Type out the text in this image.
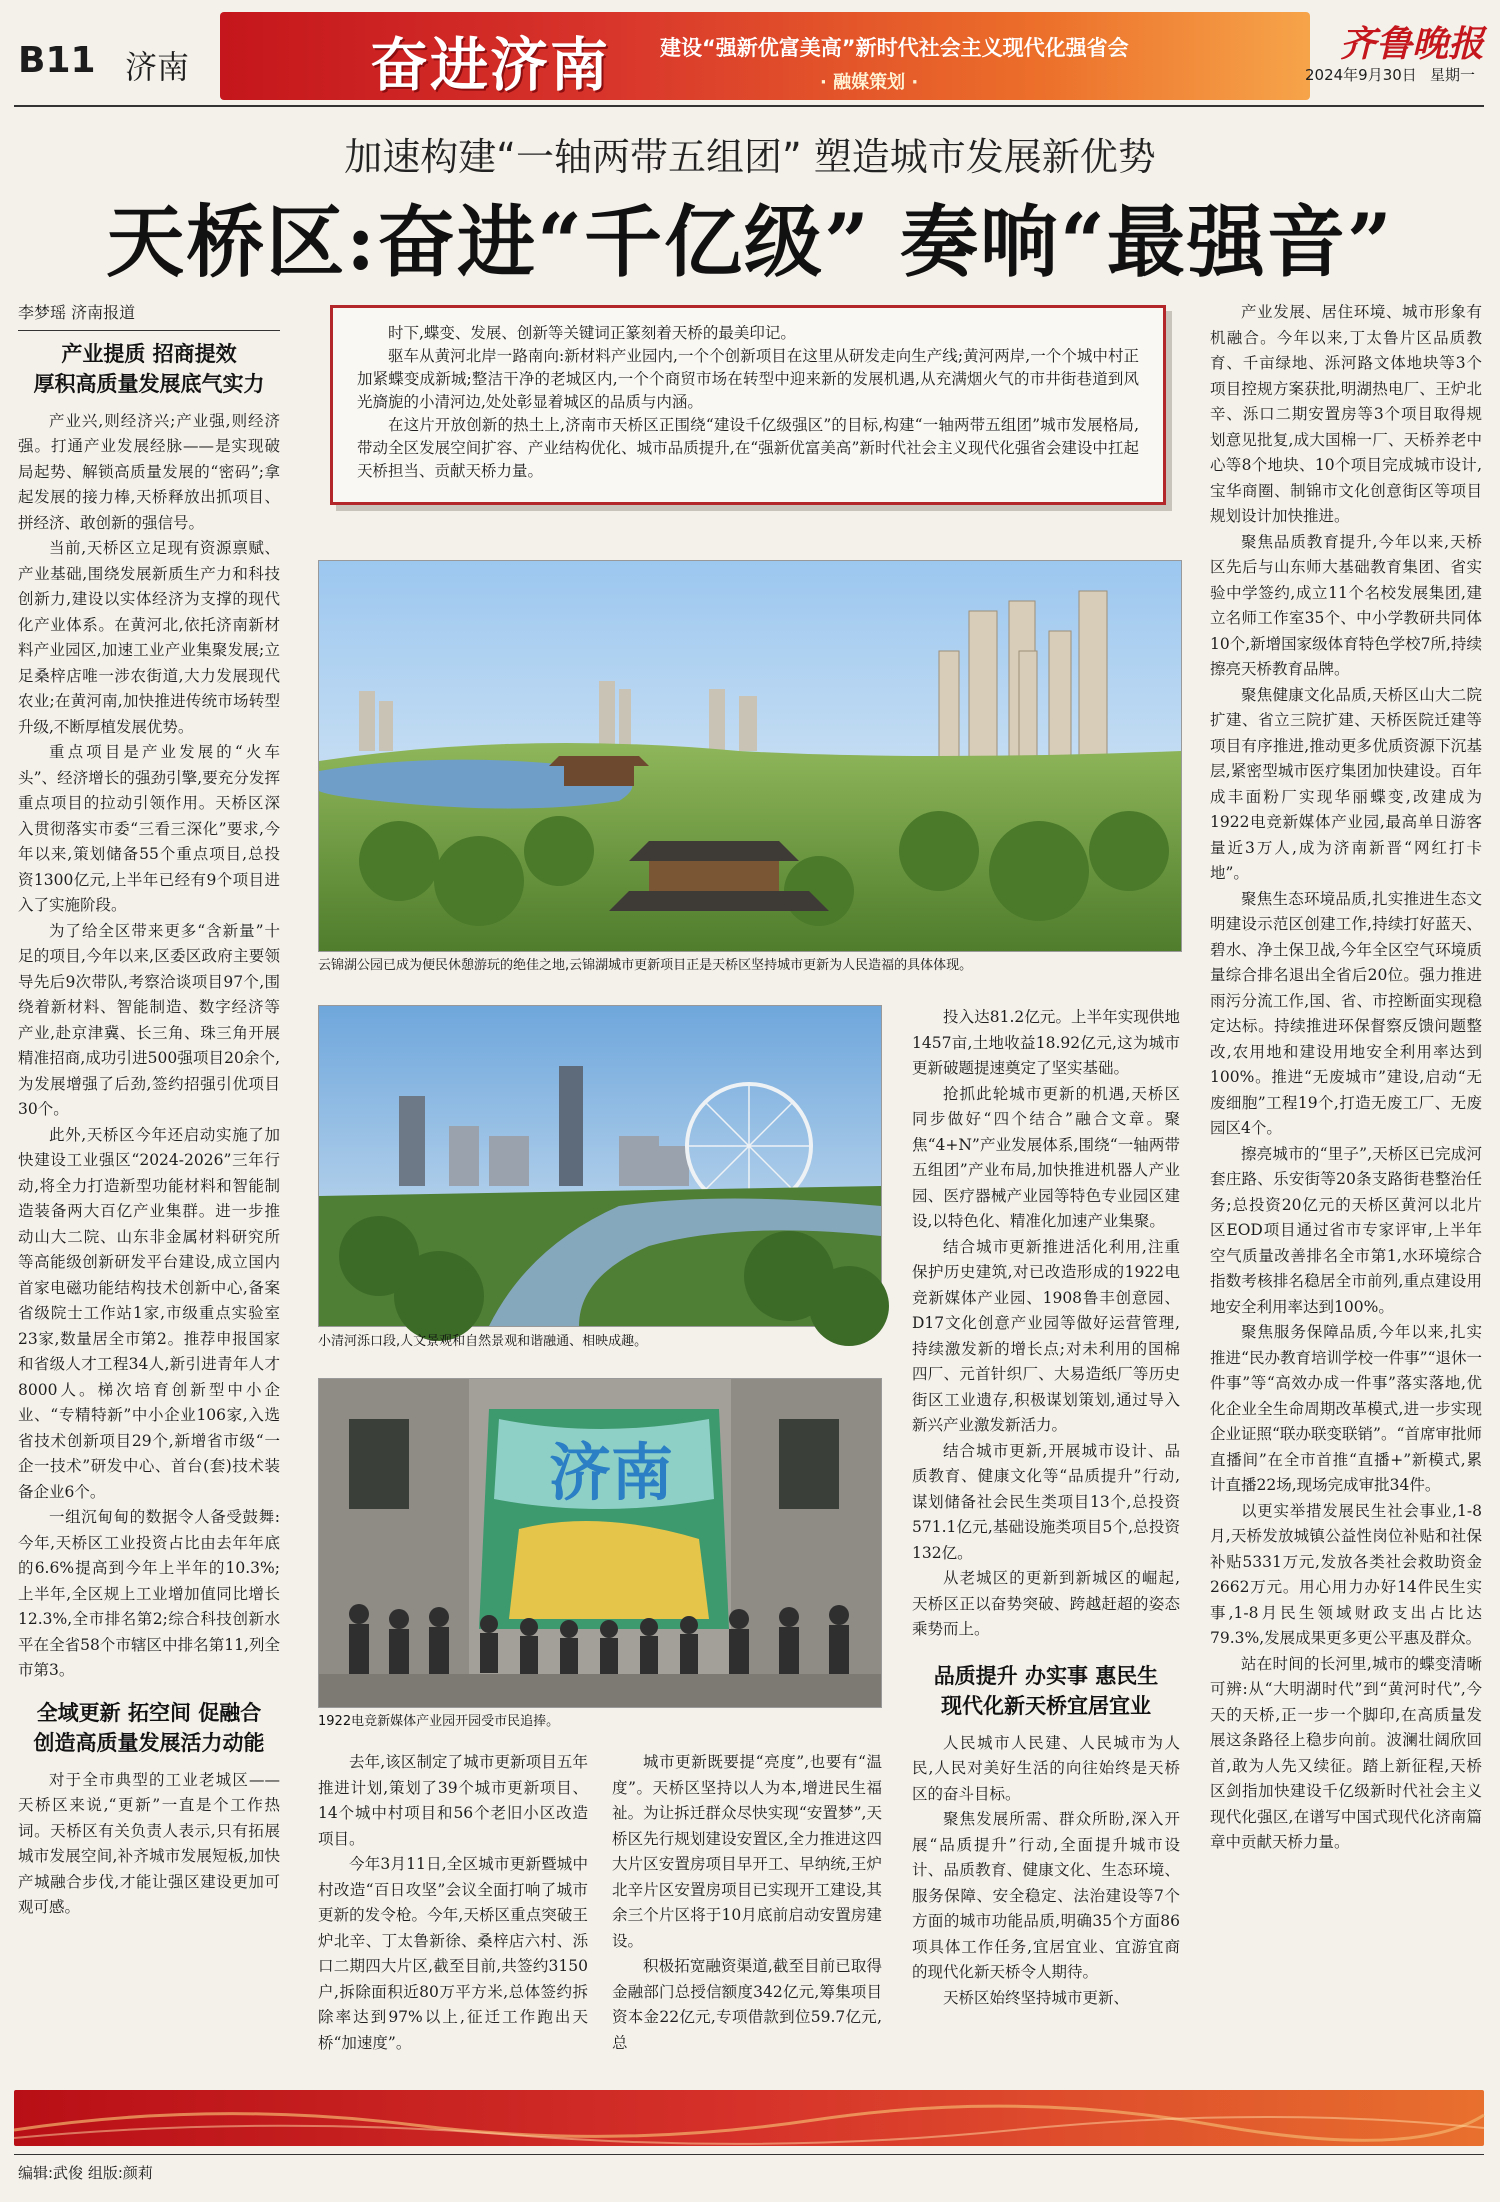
B11 济南	奋进济南 建设“强新优富美高”新时代社会主义现代化强省会
· 融媒策划 ·
齐鲁晚报
2024年9月30日 星期一
加速构建“一轴两带五组团” 塑造城市发展新优势
天桥区:奋进“千亿级” 奏响“最强音”
李梦瑶 济南报道
产业提质 招商提效
厚积高质量发展底气实力

产业兴,则经济兴;产业强,则经济强。打通产业发展经脉——是实现破局起势、解锁高质量发展的“密码”;拿起发展的接力棒,天桥释放出抓项目、拼经济、敢创新的强信号。

当前,天桥区立足现有资源禀赋、产业基础,围绕发展新质生产力和科技创新力,建设以实体经济为支撑的现代化产业体系。在黄河北,依托济南新材料产业园区,加速工业产业集聚发展;立足桑梓店唯一涉农街道,大力发展现代农业;在黄河南,加快推进传统市场转型升级,不断厚植发展优势。

重点项目是产业发展的“火车头”、经济增长的强劲引擎,要充分发挥重点项目的拉动引领作用。天桥区深入贯彻落实市委“三看三深化”要求,今年以来,策划储备55个重点项目,总投资1300亿元,上半年已经有9个项目进入了实施阶段。

为了给全区带来更多“含新量”十足的项目,今年以来,区委区政府主要领导先后9次带队,考察洽谈项目97个,围绕着新材料、智能制造、数字经济等产业,赴京津冀、长三角、珠三角开展精准招商,成功引进500强项目20余个,为发展增强了后劲,签约招强引优项目30个。

此外,天桥区今年还启动实施了加快建设工业强区“2024-2026”三年行动,将全力打造新型功能材料和智能制造装备两大百亿产业集群。进一步推动山大二院、山东非金属材料研究所等高能级创新研发平台建设,成立国内首家电磁功能结构技术创新中心,备案省级院士工作站1家,市级重点实验室23家,数量居全市第2。推荐申报国家和省级人才工程34人,新引进青年人才8000人。梯次培育创新型中小企业、“专精特新”中小企业106家,入选省技术创新项目29个,新增省市级“一企一技术”研发中心、首台(套)技术装备企业6个。

一组沉甸甸的数据令人备受鼓舞:今年,天桥区工业投资占比由去年年底的6.6%提高到今年上半年的10.3%;上半年,全区规上工业增加值同比增长12.3%,全市排名第2;综合科技创新水平在全省58个市辖区中排名第11,列全市第3。

全域更新 拓空间 促融合
创造高质量发展活力动能

对于全市典型的工业老城区——天桥区来说,“更新”一直是个工作热词。天桥区有关负责人表示,只有拓展城市发展空间,补齐城市发展短板,加快产城融合步伐,才能让强区建设更加可观可感。

时下,蝶变、发展、创新等关键词正篆刻着天桥的最美印记。

驱车从黄河北岸一路南向:新材料产业园内,一个个创新项目在这里从研发走向生产线;黄河两岸,一个个城中村正加紧蝶变成新城;整洁干净的老城区内,一个个商贸市场在转型中迎来新的发展机遇,从充满烟火气的市井街巷道到风光旖旎的小清河边,处处彰显着城区的品质与内涵。

在这片开放创新的热土上,济南市天桥区正围绕“建设千亿级强区”的目标,构建“一轴两带五组团”城市发展格局,带动全区发展空间扩容、产业结构优化、城市品质提升,在“强新优富美高”新时代社会主义现代化强省会建设中扛起天桥担当、贡献天桥力量。

云锦湖公园已成为便民休憩游玩的绝佳之地,云锦湖城市更新项目正是天桥区坚持城市更新为人民造福的具体体现。
小清河泺口段,人文景观和自然景观和谐融通、相映成趣。
济南
1922电竞新媒体产业园开园受市民追捧。

去年,该区制定了城市更新项目五年推进计划,策划了39个城市更新项目、14个城中村项目和56个老旧小区改造项目。

今年3月11日,全区城市更新暨城中村改造“百日攻坚”会议全面打响了城市更新的发令枪。今年,天桥区重点突破王炉北辛、丁太鲁新徐、桑梓店六村、泺口二期四大片区,截至目前,共签约3150户,拆除面积近80万平方米,总体签约拆除率达到97%以上,征迁工作跑出天桥“加速度”。

城市更新既要提“亮度”,也要有“温度”。天桥区坚持以人为本,增进民生福祉。为让拆迁群众尽快实现“安置梦”,天桥区先行规划建设安置区,全力推进这四大片区安置房项目早开工、早纳统,王炉北辛片区安置房项目已实现开工建设,其余三个片区将于10月底前启动安置房建设。

积极拓宽融资渠道,截至目前已取得金融部门总授信额度342亿元,筹集项目资本金22亿元,专项借款到位59.7亿元,总

投入达81.2亿元。上半年实现供地1457亩,土地收益18.92亿元,这为城市更新破题提速奠定了坚实基础。

抢抓此轮城市更新的机遇,天桥区同步做好“四个结合”融合文章。聚焦“4+N”产业发展体系,围绕“一轴两带五组团”产业布局,加快推进机器人产业园、医疗器械产业园等特色专业园区建设,以特色化、精准化加速产业集聚。

结合城市更新推进活化利用,注重保护历史建筑,对已改造形成的1922电竞新媒体产业园、1908鲁丰创意园、D17文化创意产业园等做好运营管理,持续激发新的增长点;对未利用的国棉四厂、元首针织厂、大易造纸厂等历史街区工业遗存,积极谋划策划,通过导入新兴产业激发新活力。

结合城市更新,开展城市设计、品质教育、健康文化等“品质提升”行动,谋划储备社会民生类项目13个,总投资571.1亿元,基础设施类项目5个,总投资132亿。

从老城区的更新到新城区的崛起,天桥区正以奋势突破、跨越赶超的姿态乘势而上。

品质提升 办实事 惠民生
现代化新天桥宜居宜业

人民城市人民建、人民城市为人民,人民对美好生活的向往始终是天桥区的奋斗目标。

聚焦发展所需、群众所盼,深入开展“品质提升”行动,全面提升城市设计、品质教育、健康文化、生态环境、服务保障、安全稳定、法治建设等7个方面的城市功能品质,明确35个方面86项具体工作任务,宜居宜业、宜游宜商的现代化新天桥令人期待。

天桥区始终坚持城市更新、

产业发展、居住环境、城市形象有机融合。今年以来,丁太鲁片区品质教育、千亩绿地、泺河路文体地块等3个项目控规方案获批,明湖热电厂、王炉北辛、泺口二期安置房等3个项目取得规划意见批复,成大国棉一厂、天桥养老中心等8个地块、10个项目完成城市设计,宝华商圈、制锦市文化创意街区等项目规划设计加快推进。

聚焦品质教育提升,今年以来,天桥区先后与山东师大基础教育集团、省实验中学签约,成立11个名校发展集团,建立名师工作室35个、中小学教研共同体10个,新增国家级体育特色学校7所,持续擦亮天桥教育品牌。

聚焦健康文化品质,天桥区山大二院扩建、省立三院扩建、天桥医院迁建等项目有序推进,推动更多优质资源下沉基层,紧密型城市医疗集团加快建设。百年成丰面粉厂实现华丽蝶变,改建成为1922电竞新媒体产业园,最高单日游客量近3万人,成为济南新晋“网红打卡地”。

聚焦生态环境品质,扎实推进生态文明建设示范区创建工作,持续打好蓝天、碧水、净土保卫战,今年全区空气环境质量综合排名退出全省后20位。强力推进雨污分流工作,国、省、市控断面实现稳定达标。持续推进环保督察反馈问题整改,农用地和建设用地安全利用率达到100%。推进“无废城市”建设,启动“无废细胞”工程19个,打造无废工厂、无废园区4个。

擦亮城市的“里子”,天桥区已完成河套庄路、乐安街等20条支路街巷整治任务;总投资20亿元的天桥区黄河以北片区EOD项目通过省市专家评审,上半年空气质量改善排名全市第1,水环境综合指数考核排名稳居全市前列,重点建设用地安全利用率达到100%。

聚焦服务保障品质,今年以来,扎实推进“民办教育培训学校一件事”“退休一件事”等“高效办成一件事”落实落地,优化企业全生命周期改革模式,进一步实现企业证照“联办联变联销”。“首席审批师直播间”在全市首推“直播+”新模式,累计直播22场,现场完成审批34件。

以更实举措发展民生社会事业,1-8月,天桥发放城镇公益性岗位补贴和社保补贴5331万元,发放各类社会救助资金2662万元。用心用力办好14件民生实事,1-8月民生领域财政支出占比达79.3%,发展成果更多更公平惠及群众。

站在时间的长河里,城市的蝶变清晰可辨:从“大明湖时代”到“黄河时代”,今天的天桥,正一步一个脚印,在高质量发展这条路径上稳步向前。波澜壮阔欣回首,敢为人先又续征。踏上新征程,天桥区剑指加快建设千亿级新时代社会主义现代化强区,在谱写中国式现代化济南篇章中贡献天桥力量。

编辑:武俊 组版:颜莉
